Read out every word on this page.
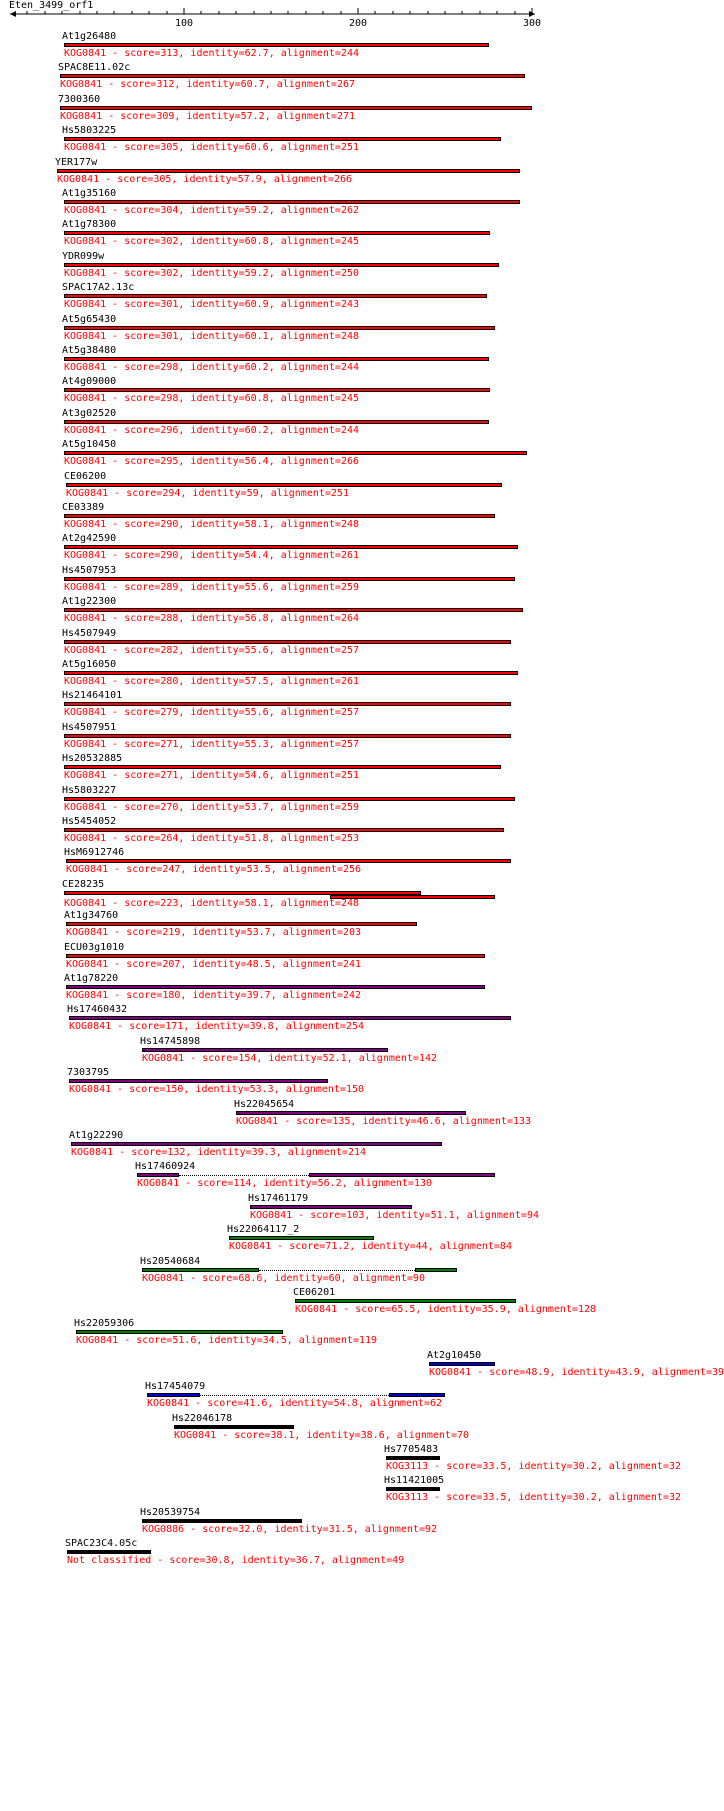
Eten_3499_orf1
100	200	300
At1g26480
KOG0841 - score=313, identity=62.7, alignment=244
SPAC8E11.02c
KOG0841 - score=312, identity=60.7, alignment=267
7300360
KOG0841 - score=309, identity=57.2, alignment=271
Hs5803225
KOG0841 - score=305, identity=60.6, alignment=251
YER177w
KOG0841 - score=305, identity=57.9, alignment=266
At1g35160
KOG0841 - score=304, identity=59.2, alignment=262
At1g78300
KOG0841 - score=302, identity=60.8, alignment=245
YDR099w
KOG0841 - score=302, identity=59.2, alignment=250
SPAC17A2.13c
KOG0841 - score=301, identity=60.9, alignment=243
At5g65430
KOG0841 - score=301, identity=60.1, alignment=248
At5g38480
KOG0841 - score=298, identity=60.2, alignment=244
At4g09000
KOG0841 - score=298, identity=60.8, alignment=245
At3g02520
KOG0841 - score=296, identity=60.2, alignment=244
At5g10450
KOG0841 - score=295, identity=56.4, alignment=266
CE06200
KOG0841 - score=294, identity=59, alignment=251
CE03389
KOG0841 - score=290, identity=58.1, alignment=248
At2g42590
KOG0841 - score=290, identity=54.4, alignment=261
Hs4507953
KOG0841 - score=289, identity=55.6, alignment=259
At1g22300
KOG0841 - score=288, identity=56.8, alignment=264
Hs4507949
KOG0841 - score=282, identity=55.6, alignment=257
At5g16050
KOG0841 - score=280, identity=57.5, alignment=261
Hs21464101
KOG0841 - score=279, identity=55.6, alignment=257
Hs4507951
KOG0841 - score=271, identity=55.3, alignment=257
Hs20532885
KOG0841 - score=271, identity=54.6, alignment=251
Hs5803227
KOG0841 - score=270, identity=53.7, alignment=259
Hs5454052
KOG0841 - score=264, identity=51.8, alignment=253
HsM6912746
KOG0841 - score=247, identity=53.5, alignment=256
CE28235
KOG0841 - score=223, identity=58.1, alignment=248
At1g34760
KOG0841 - score=219, identity=53.7, alignment=203
ECU03g1010
KOG0841 - score=207, identity=48.5, alignment=241
At1g78220
KOG0841 - score=180, identity=39.7, alignment=242
Hs17460432
KOG0841 - score=171, identity=39.8, alignment=254
Hs14745898
KOG0841 - score=154, identity=52.1, alignment=142
7303795
KOG0841 - score=150, identity=53.3, alignment=150
Hs22045654
KOG0841 - score=135, identity=46.6, alignment=133
At1g22290
KOG0841 - score=132, identity=39.3, alignment=214
Hs17460924
KOG0841 - score=114, identity=56.2, alignment=130
Hs17461179
KOG0841 - score=103, identity=51.1, alignment=94
Hs22064117_2
KOG0841 - score=71.2, identity=44, alignment=84
Hs20540684
KOG0841 - score=68.6, identity=60, alignment=90
CE06201
KOG0841 - score=65.5, identity=35.9, alignment=128
Hs22059306
KOG0841 - score=51.6, identity=34.5, alignment=119
At2g10450
KOG0841 - score=48.9, identity=43.9, alignment=39
Hs17454079
KOG0841 - score=41.6, identity=54.8, alignment=62
Hs22046178
KOG0841 - score=38.1, identity=38.6, alignment=70
Hs7705483
KOG3113 - score=33.5, identity=30.2, alignment=32
Hs11421005
KOG3113 - score=33.5, identity=30.2, alignment=32
Hs20539754
KOG0886 - score=32.0, identity=31.5, alignment=92
SPAC23C4.05c
Not classified - score=30.8, identity=36.7, alignment=49
